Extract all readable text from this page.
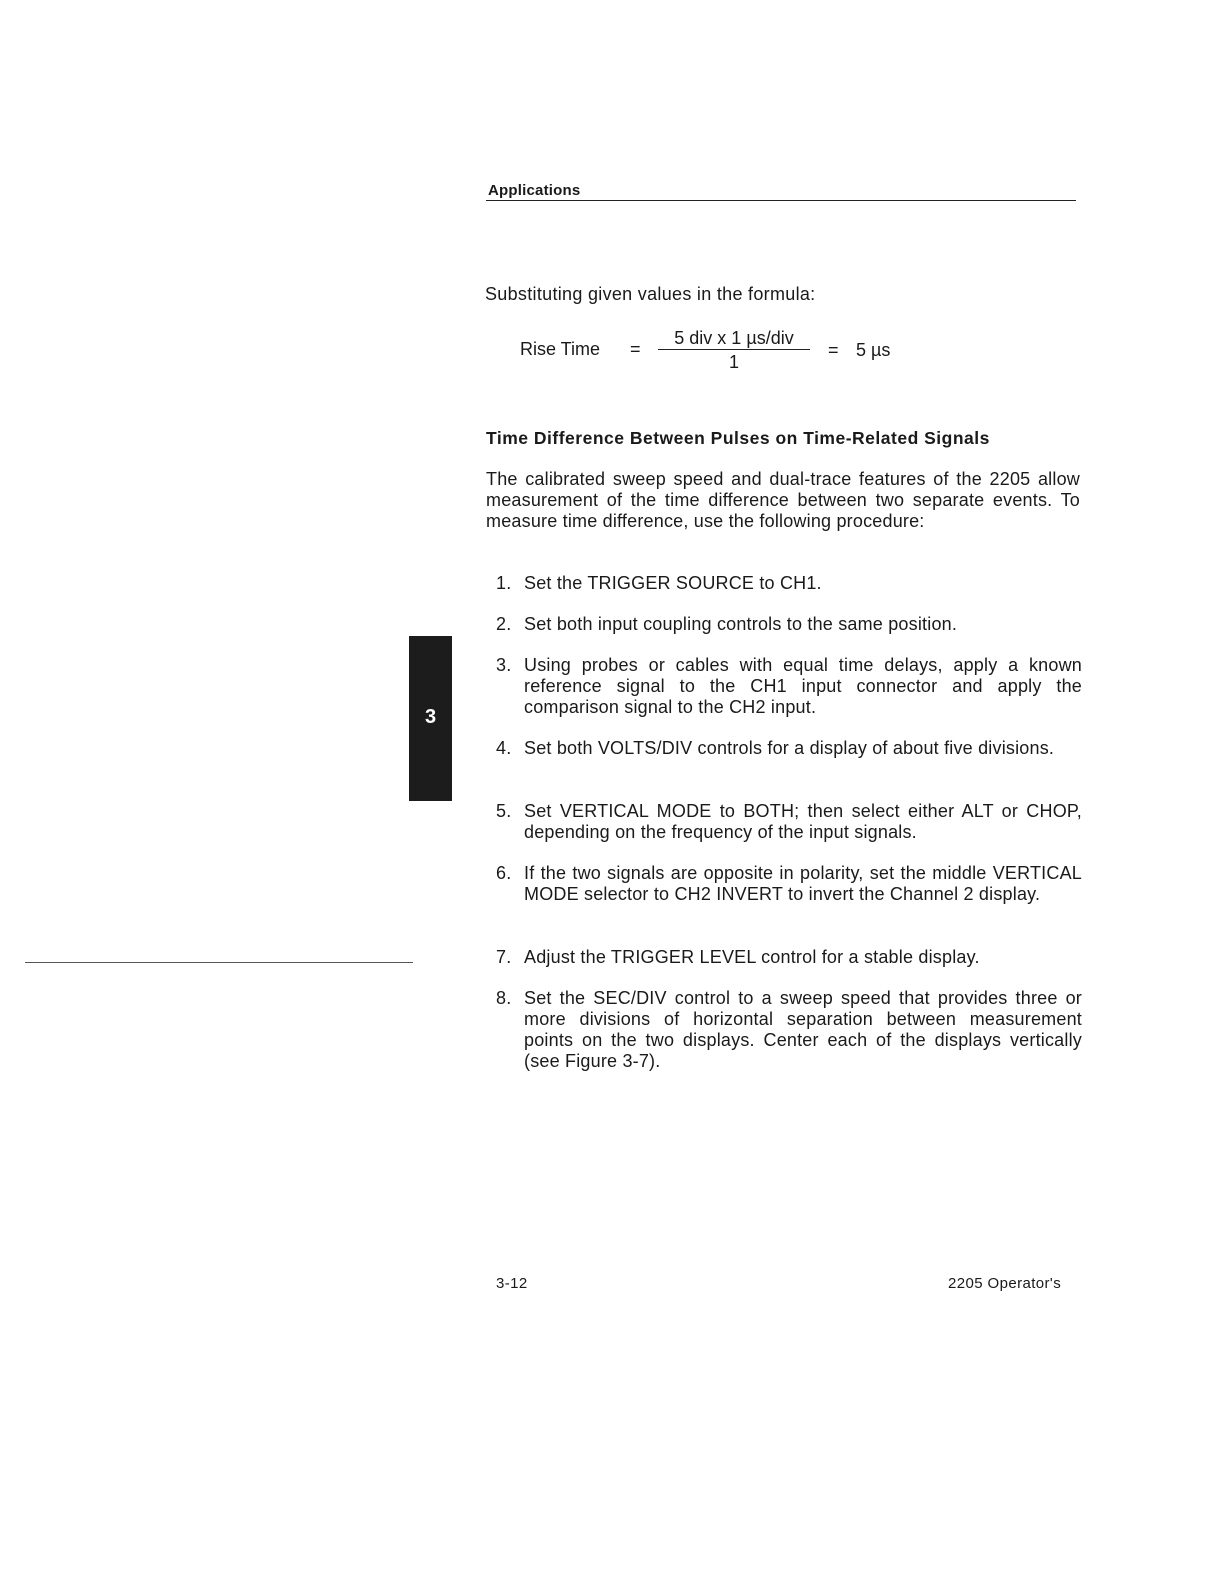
Applications
Substituting given values in the formula:
Rise Time =
5 div x 1 µs/div
1
= 5 µs
Time Difference Between Pulses on Time-Related Signals
The calibrated sweep speed and dual-trace features of the 2205 allow measurement of the time difference between two separate events. To measure time difference, use the following procedure:
1. Set the TRIGGER SOURCE to CH1.
2. Set both input coupling controls to the same position.
3. Using probes or cables with equal time delays, apply a known reference signal to the CH1 input connector and apply the comparison signal to the CH2 input.
4. Set both VOLTS/DIV controls for a display of about five divisions.
5. Set VERTICAL MODE to BOTH; then select either ALT or CHOP, depending on the frequency of the input signals.
6. If the two signals are opposite in polarity, set the middle VERTICAL MODE selector to CH2 INVERT to invert the Channel 2 display.
7. Adjust the TRIGGER LEVEL control for a stable display.
8. Set the SEC/DIV control to a sweep speed that provides three or more divisions of horizontal separation between measurement points on the two displays. Center each of the displays vertically (see Figure 3-7).
3
3-12	2205 Operator's
